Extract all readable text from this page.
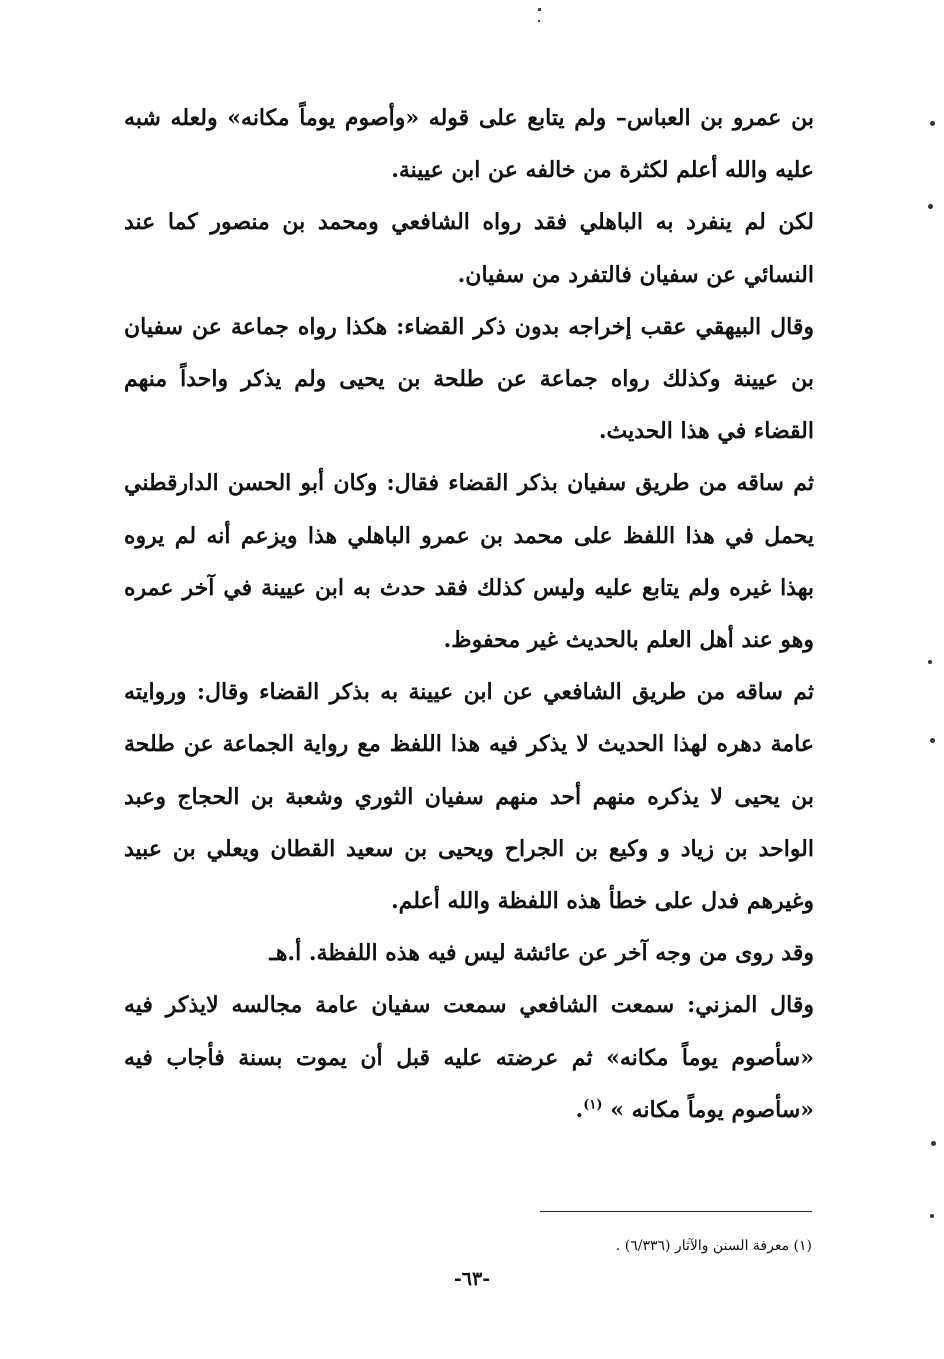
بن عمرو بن العباس– ولم يتابع على قوله «وأصوم يوماً مكانه» ولعله شبه عليه والله أعلم لكثرة من خالفه عن ابن عيينة.

لكن لم ينفرد به الباهلي فقد رواه الشافعي ومحمد بن منصور كما عند النسائي عن سفيان فالتفرد من سفيان.

وقال البيهقي عقب إخراجه بدون ذكر القضاء: هكذا رواه جماعة عن سفيان بن عيينة وكذلك رواه جماعة عن طلحة بن يحيى ولم يذكر واحداً منهم القضاء في هذا الحديث.

ثم ساقه من طريق سفيان بذكر القضاء فقال: وكان أبو الحسن الدارقطني يحمل في هذا اللفظ على محمد بن عمرو الباهلي هذا ويزعم أنه لم يروه بهذا غيره ولم يتابع عليه وليس كذلك فقد حدث به ابن عيينة في آخر عمره وهو عند أهل العلم بالحديث غير محفوظ.

ثم ساقه من طريق الشافعي عن ابن عيينة به بذكر القضاء وقال: وروايته عامة دهره لهذا الحديث لا يذكر فيه هذا اللفظ مع رواية الجماعة عن طلحة بن يحيى لا يذكره منهم أحد منهم سفيان الثوري وشعبة بن الحجاج وعبد الواحد بن زياد و وكيع بن الجراح ويحيى بن سعيد القطان ويعلي بن عبيد وغيرهم فدل على خطأ هذه اللفظة والله أعلم.

وقد روى من وجه آخر عن عائشة ليس فيه هذه اللفظة. أ.هـ

وقال المزني: سمعت الشافعي سمعت سفيان عامة مجالسه لايذكر فيه «سأصوم يوماً مكانه» ثم عرضته عليه قبل أن يموت بسنة فأجاب فيه «سأصوم يوماً مكانه » $^{(١)}$.

(١) معرفة السنن والآثار (٦/٣٣٦) .
-٦٣-
